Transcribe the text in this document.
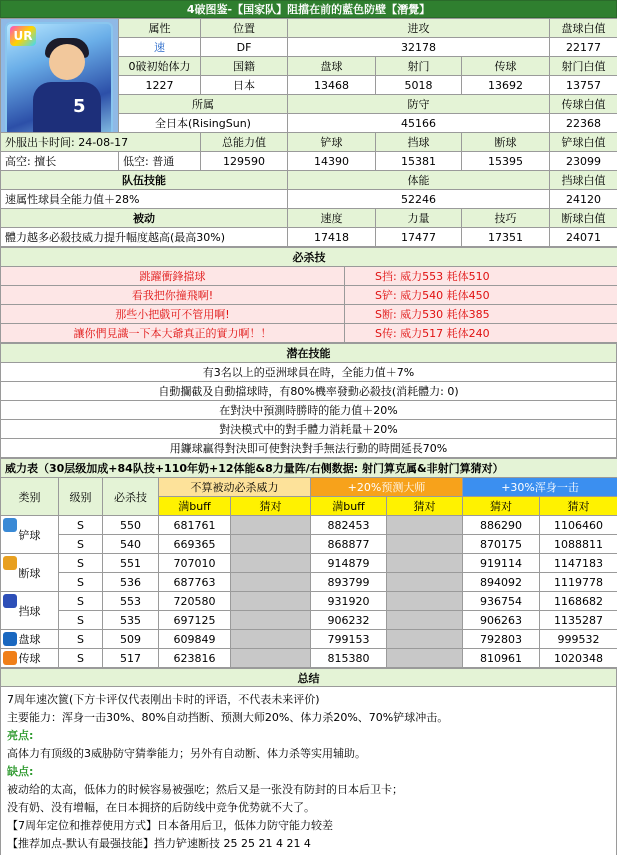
4破图鉴-【国家队】阻擋在前的藍色防壁【潛覺】
UR
5	属性	位置	进攻			盘球白值
	速	DF	32178			22177
	0破初始体力	国籍	盘球	射门	传球	射门白值
	1227	日本	13468	5018	13692	13757
	所属		防守			传球白值
	全日本(RisingSun)		45166			22368
外服出卡时间: 24-08-17		总能力值	铲球	挡球	断球	铲球白值
高空: 擅长	低空: 普通	129590	14390	15381	15395	23099
队伍技能			体能			挡球白值
速属性球員全能力值＋28%			52246			24120
被动			速度	力量	技巧	断球白值
體力越多必殺技威力提升幅度越高(最高30%)			17418	17477	17351	24071
必杀技	
跳躍衝鋒擋球	S挡: 威力553 耗体510
看我把你撞飛啊!	S铲: 威力540 耗体450
那些小把戲可不管用啊!	S断: 威力530 耗体385
讓你們見識一下本大爺真正的實力啊！！	S传: 威力517 耗体240
潜在技能
有3名以上的亞洲球員在時，全能力值＋7%
自動攔截及自動擋球時，有80%機率發動必殺技(消耗體力: 0)
在對決中預測時勝時的能力值＋20%
對決模式中的對手體力消耗量＋20%
用鐮球贏得對決即可使對決對手無法行動的時間延長70%
威力表（30层级加成+84队技+110年奶+12体能&8力量阵/右侧数据: 射门算克属&非射门算猜对）								
类别	级别	必杀技	不算被动必杀威力		+20%预测大师		+30%浑身一击	
			满buff	猜对	满buff	猜对	猜对	猜对

铲球	S	550	681761		882453		886290	1106460
	S	540	669365		868877		870175	1088811

断球	S	551	707010		914879		919114	1147183
	S	536	687763		893799		894092	1119778

挡球	S	553	720580		931920		936754	1168682
	S	535	697125		906232		906263	1135287

盘球	S	509	609849		799153		792803	999532

传球	S	517	623816		815380		810961	1020348
总结

7周年速次篋(下方卡评仅代表刚出卡时的评语，不代表未来评价)
主要能力：浑身一击30%、80%自动挡断、预测大师20%、体力杀20%、70%铲球冲击。
亮点:
高体力有顶级的3威胁防守猜拳能力；另外有自动断、体力杀等实用辅助。
缺点:
被动给的太高，低体力的时候容易被强吃；然后又是一张没有防封的日本后卫卡；
没有奶、没有增幅，在日本拥挤的后防线中竞争优势就不大了。
【7周年定位和推荐使用方式】日本备用后卫，低体力防守能力较差
【推荐加点-默认有最强技能】挡力铲速断技 25 25 21 4 21 4
